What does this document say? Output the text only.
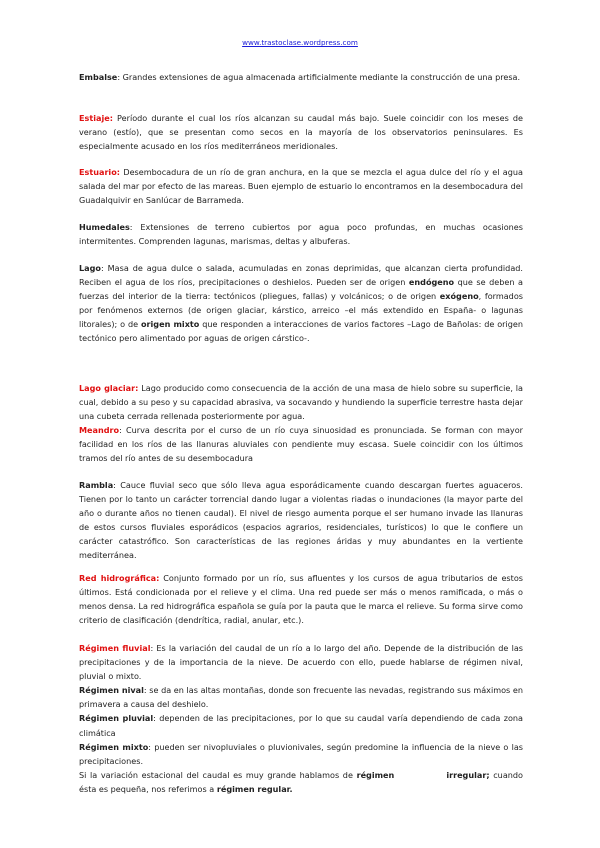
www.trastoclase.wordpress.com

Embalse: Grandes extensiones de agua almacenada artificialmente mediante la construcción de una presa.

Estiaje: Período durante el cual los ríos alcanzan su caudal más bajo. Suele coincidir con los meses de verano (estío), que se presentan como secos en la mayoría de los observatorios peninsulares. Es especialmente acusado en los ríos mediterráneos meridionales.

Estuario: Desembocadura de un río de gran anchura, en la que se mezcla el agua dulce del río y el agua salada del mar por efecto de las mareas. Buen ejemplo de estuario lo encontramos en la desembocadura del Guadalquivir en Sanlúcar de Barrameda.

Humedales: Extensiones de terreno cubiertos por agua poco profundas, en muchas ocasiones intermitentes. Comprenden lagunas, marismas, deltas y albuferas.

Lago: Masa de agua dulce o salada, acumuladas en zonas deprimidas, que alcanzan cierta profundidad. Reciben el agua de los ríos, precipitaciones o deshielos. Pueden ser de origen endógeno que se deben a fuerzas del interior de la tierra: tectónicos (pliegues, fallas) y volcánicos; o de origen exógeno, formados por fenómenos externos (de origen glaciar, kárstico, arreico –el más extendido en España- o lagunas litorales); o de origen mixto que responden a interacciones de varios factores –Lago de Bañolas: de origen tectónico pero alimentado por aguas de origen cárstico-.

Lago glaciar: Lago producido como consecuencia de la acción de una masa de hielo sobre su superficie, la cual, debido a su peso y su capacidad abrasiva, va socavando y hundiendo la superficie terrestre hasta dejar una cubeta cerrada rellenada posteriormente por agua.

Meandro: Curva descrita por el curso de un río cuya sinuosidad es pronunciada. Se forman con mayor facilidad en los ríos de las llanuras aluviales con pendiente muy escasa. Suele coincidir con los últimos tramos del río antes de su desembocadura

Rambla: Cauce fluvial seco que sólo lleva agua esporádicamente cuando descargan fuertes aguaceros. Tienen por lo tanto un carácter torrencial dando lugar a violentas riadas o inundaciones (la mayor parte del año o durante años no tienen caudal). El nivel de riesgo aumenta porque el ser humano invade las llanuras de estos cursos fluviales esporádicos (espacios agrarios, residenciales, turísticos) lo que le confiere un carácter catastrófico. Son características de las regiones áridas y muy abundantes en la vertiente mediterránea.

Red hidrográfica: Conjunto formado por un río, sus afluentes y los cursos de agua tributarios de estos últimos. Está condicionada por el relieve y el clima. Una red puede ser más o menos ramificada, o más o menos densa. La red hidrográfica española se guía por la pauta que le marca el relieve. Su forma sirve como criterio de clasificación (dendrítica, radial, anular, etc.).

Régimen fluvial: Es la variación del caudal de un río a lo largo del año. Depende de la distribución de las precipitaciones y de la importancia de la nieve. De acuerdo con ello, puede hablarse de régimen nival, pluvial o mixto.
Régimen nival: se da en las altas montañas, donde son frecuente las nevadas, registrando sus máximos en primavera a causa del deshielo.
Régimen pluvial: dependen de las precipitaciones, por lo que su caudal varía dependiendo de cada zona climática
Régimen mixto: pueden ser nivopluviales o pluvionivales, según predomine la influencia de la nieve o las precipitaciones.
Si la variación estacional del caudal es muy grande hablamos de régimen	irregular; cuando ésta es pequeña, nos referimos a régimen regular.
